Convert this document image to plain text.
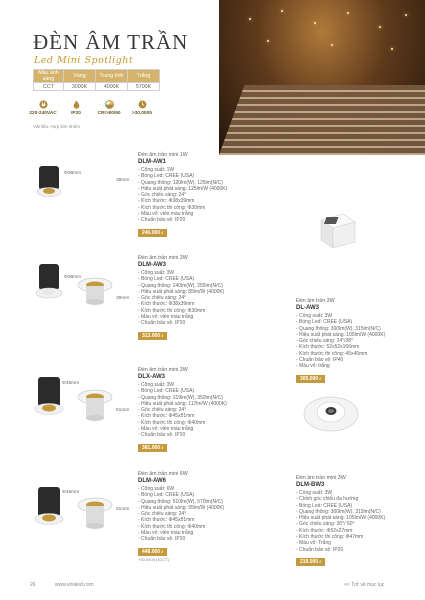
ĐÈN ÂM TRẦN
Led Mini Spotlight
Màu ánh sáng	Vàng	Trung tính	Trắng
CCT	3000K	4000K	5700K
220-240VAC	IP20	CRI>80/90 >30.000h
Vật liệu: Hợp kim nhôm
Φ38mm
39mm
Đèn âm trần mini 1W
DLM-AW1
- Công suất: 1W
- Bóng Led: CREE (USA)
- Quang thông: 120lm(W), 125lm(N/C)
- Hiệu suất phát sáng: 125lm/W (4000K)
- Góc chiếu sáng: 24°
- Kích thước: Φ38x39mm
- Kích thước thi công: Φ30mm
- Màu vỏ: viền màu trắng
- Chuẩn bảo vệ: IP20
246.000đ
Φ38mm
39mm
Đèn âm trần mini 3W
DLM-AW3
- Công suất: 3W
- Bóng Led: CREE (USA)
- Quang thông: 240lm(W), 255lm(N/C)
- Hiệu suất phát sáng: 85lm/W (4000K)
- Góc chiếu sáng: 24°
- Kích thước: Φ38x39mm
- Kích thước thi công: Φ30mm
- Màu vỏ: viền màu trắng
- Chuẩn bảo vệ: IP20
313.000đ
Φ45mm
51mm
Đèn âm trần mini 3W
DLX-AW3
- Công suất: 3W
- Bóng Led: CREE (USA)
- Quang thông: 319lm(W), 350lm(N/C)
- Hiệu suất phát sáng: 117lm/W (4000K)
- Góc chiếu sáng: 24°
- Kích thước: Φ45x51mm
- Kích thước thi công: Φ40mm
- Màu vỏ: viền màu trắng
- Chuẩn bảo vệ: IP20
381.000đ
Φ45mm
51mm
Đèn âm trần mini 6W
DLM-AW6
- Công suất: 6W
- Bóng Led: CREE (USA)
- Quang thông: 510lm(W), 570lm(N/C)
- Hiệu suất phát sáng: 95lm/W (4000K)
- Góc chiếu sáng: 24°
- Kích thước: Φ45x51mm
- Kích thước thi công: Φ40mm
- Màu vỏ: viền màu trắng
- Chuẩn bảo vệ: IP20
448.000đ
+30.000đ (3CCT)
Đèn âm trần 3W
DL-AW3
- Công suất: 3W
- Bóng Led: CREE (USA)
- Quang thông: 300lm(W), 315lm(N/C)
- Hiệu suất phát sáng: 105lm/W (4000K)
- Góc chiếu sáng: 24°/38°
- Kích thước: 52x52x166mm
- Kích thước thi công: 45x45mm
- Chuẩn bảo vệ: IP40
- Màu vỏ: trắng
305.000đ
Đèn âm trần mini 3W
DLM-BW3
- Công suất: 3W
- Chỉnh góc chiếu đa hướng
- Bóng Led: CREE (USA)
- Quang thông: 300lm(W), 315lm(N/C)
- Hiệu suất phát sáng: 105lm/W (4000K)
- Góc chiếu sáng: 30°/ 60°
- Kích thước: Φ52x27mm
- Kích thước thi công: Φ47mm
- Màu vỏ: Trắng
- Chuẩn bảo vệ: IP20
219.000đ
26	www.vinaled.com	<< Trở về mục lục
